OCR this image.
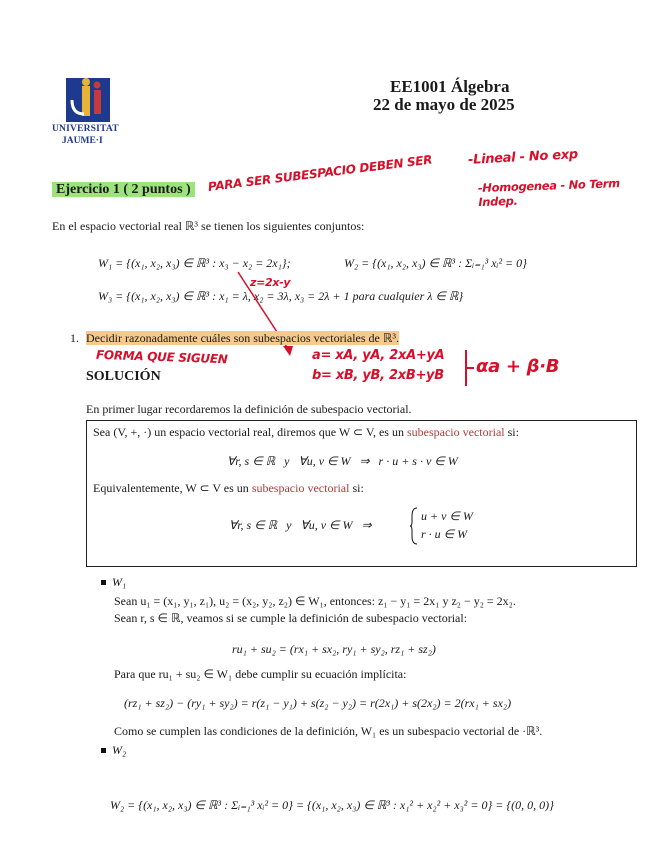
UNIVERSITAT
JAUME·I
EE1001 Álgebra
22 de mayo de 2025
-Lineal - No exp
-Homogenea - No Term Indep.
Ejercicio 1 ( 2 puntos )	PARA SER SUBESPACIO DEBEN SER
En el espacio vectorial real ℝ³ se tienen los siguientes conjuntos:
W₁ = {(x₁, x₂, x₃) ∈ ℝ³ : x₃ − x₂ = 2x₁};	W₂ = {(x₁, x₂, x₃) ∈ ℝ³ : Σᵢ₌₁³ xᵢ² = 0}
W₃ = {(x₁, x₂, x₃) ∈ ℝ³ : x₁ = λ, x₂ = 3λ, x₃ = 2λ + 1 para cualquier λ ∈ ℝ}
z=2x-y
1. Decidir razonadamente cuáles son subespacios vectoriales de ℝ³.
FORMA QUE SIGUEN	a= xA, yA, 2xA+yA
b= xB, yB, 2xB+yB αa + β·B
SOLUCIÓN
En primer lugar recordaremos la definición de subespacio vectorial.
Sea (V, +, ·) un espacio vectorial real, diremos que W ⊂ V, es un subespacio vectorial si:
∀r, s ∈ ℝ   y   ∀u, v ∈ W   ⇒   r · u + s · v ∈ W
Equivalentemente, W ⊂ V es un subespacio vectorial si:
∀r, s ∈ ℝ   y   ∀u, v ∈ W   ⇒
u + v ∈ W
r · u ∈ W
W₁
Sean u₁ = (x₁, y₁, z₁), u₂ = (x₂, y₂, z₂) ∈ W₁, entonces: z₁ − y₁ = 2x₁ y z₂ − y₂ = 2x₂.
Sean r, s ∈ ℝ, veamos si se cumple la definición de subespacio vectorial:
ru₁ + su₂ = (rx₁ + sx₂, ry₁ + sy₂, rz₁ + sz₂)
Para que ru₁ + su₂ ∈ W₁ debe cumplir su ecuación implícita:
(rz₁ + sz₂) − (ry₁ + sy₂) = r(z₁ − y₁) + s(z₂ − y₂) = r(2x₁) + s(2x₂) = 2(rx₁ + sx₂)
Como se cumplen las condiciones de la definición, W₁ es un subespacio vectorial de ·ℝ³.
W₂
W₂ = {(x₁, x₂, x₃) ∈ ℝ³ : Σᵢ₌₁³ xᵢ² = 0} = {(x₁, x₂, x₃) ∈ ℝ³ : x₁² + x₂² + x₃² = 0} = {(0, 0, 0)}
